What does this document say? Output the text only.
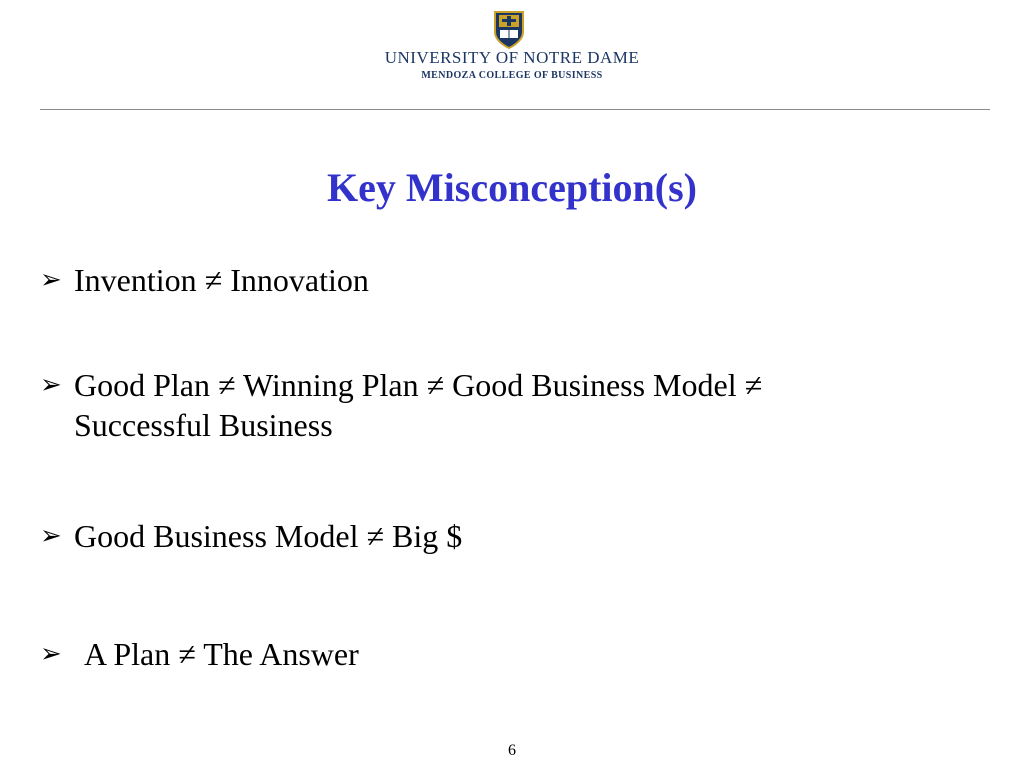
UNIVERSITY OF NOTRE DAME
MENDOZA COLLEGE OF BUSINESS
Key Misconception(s)
➢ Invention ≠ Innovation
➢ Good Plan ≠ Winning Plan ≠ Good Business Model ≠
Successful Business
➢ Good Business Model ≠ Big $
➢ A Plan ≠ The Answer
6
